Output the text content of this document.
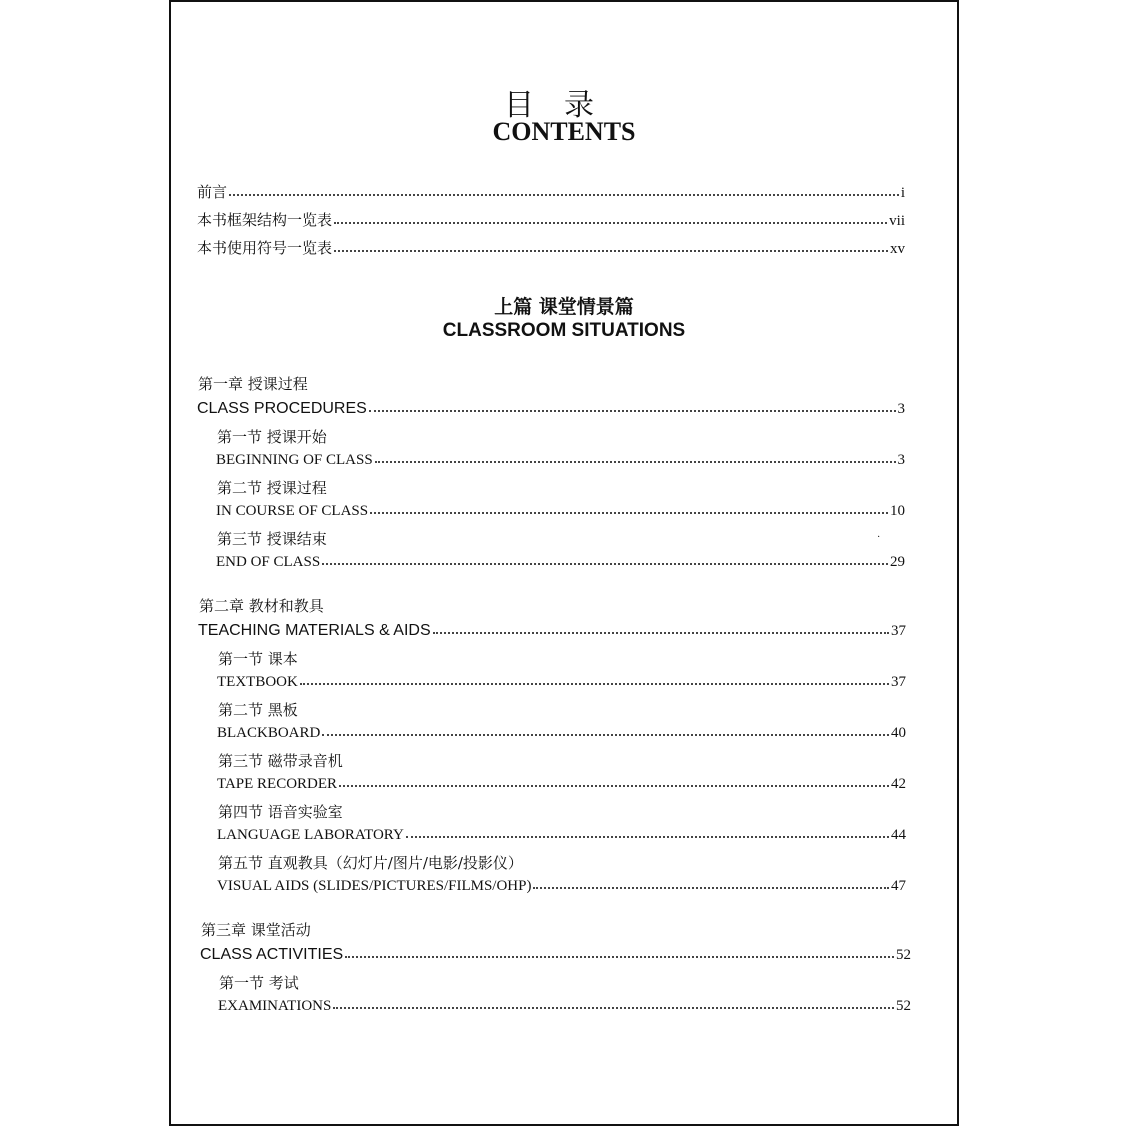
目录
CONTENTS
前言	i
本书框架结构一览表	vii
本书使用符号一览表	xv
上篇 课堂情景篇
CLASSROOM SITUATIONS
第一章 授课过程
CLASS PROCEDURES	3
第一节 授课开始
BEGINNING OF CLASS	3
第二节 授课过程
IN COURSE OF CLASS	10
第三节 授课结束	·
END OF CLASS	29
第二章 教材和教具
TEACHING MATERIALS & AIDS	37
第一节 课本
TEXTBOOK	37
第二节 黑板
BLACKBOARD	40
第三节 磁带录音机
TAPE RECORDER	42
第四节 语音实验室
LANGUAGE LABORATORY	44
第五节 直观教具（幻灯片/图片/电影/投影仪）
VISUAL AIDS (SLIDES/PICTURES/FILMS/OHP)	47
第三章 课堂活动
CLASS ACTIVITIES	52
第一节 考试
EXAMINATIONS	52
